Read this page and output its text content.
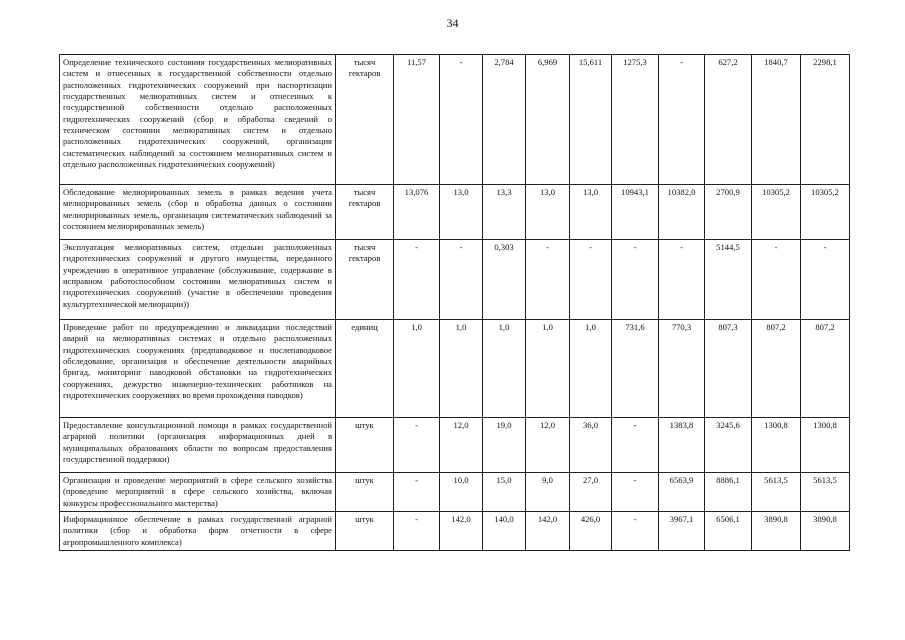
34
Определение технического состояния государственных мелиоративных систем и отнесенных к государственной собственности отдельно расположенных гидротехнических сооружений при паспортизации государственных мелиоративных систем и отнесенных к государственной собственности отдельно расположенных гидротехнических сооружений (сбор и обработка сведений о техническом состоянии мелиоративных систем и отдельно расположенных гидротехнических сооружений, организация систематических наблюдений за состоянием мелиоративных систем и отдельно расположенных гидротехнических сооружений)	тысяч гектаров	11,57	-	2,784	6,969	15,611	1275,3	-	627,2	1840,7	2298,1
Обследование мелиорированных земель в рамках ведения учета мелиорированных земель (сбор и обработка данных о состоянии мелиорированных земель, организация систематических наблюдений за состоянием мелиорированных земель)	тысяч гектаров	13,076	13,0	13,3	13,0	13,0	10943,1	10382,0	2700,9	10305,2	10305,2
Эксплуатация мелиоративных систем, отдельно расположенных гидротехнических сооружений и другого имущества, переданного учреждению в оперативное управление (обслуживание, содержание в исправном работоспособном состоянии мелиоративных систем и гидротехнических сооружений (участие в обеспечении проведения культуртехнической мелиорации))	тысяч гектаров	-	-	0,303	-	-	-	-	5144,5	-	-
Проведение работ по предупреждению и ликвидации последствий аварий на мелиоративных системах и отдельно расположенных гидротехнических сооружениях (предпаводковое и послепаводковое обследование, организация и обеспечение деятельности аварийных бригад, мониторинг паводковой обстановки на гидротехнических сооружениях, дежурство инженерно-технических работников на гидротехнических сооружениях во время прохождения паводков)	единиц	1,0	1,0	1,0	1,0	1,0	731,6	770,3	807,3	807,2	807,2
Предоставление консультационной помощи в рамках государственной аграрной политики (организация информационных дней в муниципальных образованиях области по вопросам предоставления государственной поддержки)	штук	-	12,0	19,0	12,0	36,0	-	1383,8	3245,6	1300,8	1300,8
Организация и проведение мероприятий в сфере сельского хозяйства (проведение мероприятий в сфере сельского хозяйства, включая конкурсы профессионального мастерства)	штук	-	10,0	15,0	9,0	27,0	-	6563,9	8886,1	5613,5	5613,5
Информационное обеспечение в рамках государственной аграрной политики (сбор и обработка форм отчетности в сфере агропромышленного комплекса)	штук	-	142,0	140,0	142,0	426,0	-	3967,1	6506,1	3890,8	3890,8
